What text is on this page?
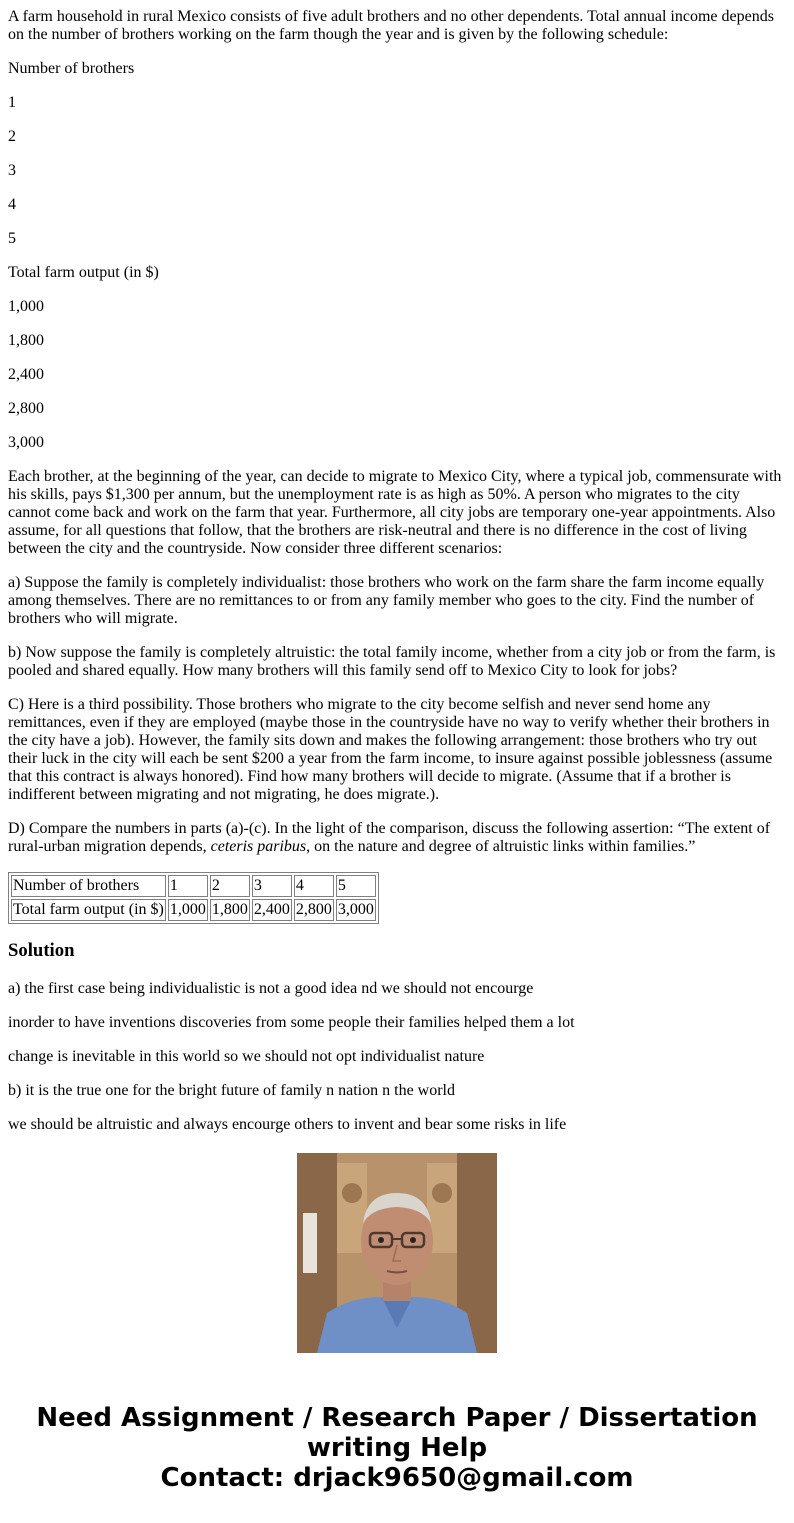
A farm household in rural Mexico consists of five adult brothers and no other dependents. Total annual income depends on the number of brothers working on the farm though the year and is given by the following schedule:

Number of brothers

1

2

3

4

5

Total farm output (in $)

1,000

1,800

2,400

2,800

3,000

Each brother, at the beginning of the year, can decide to migrate to Mexico City, where a typical job, commensurate with his skills, pays $1,300 per annum, but the unemployment rate is as high as 50%. A person who migrates to the city cannot come back and work on the farm that year. Furthermore, all city jobs are temporary one-year appointments. Also assume, for all questions that follow, that the brothers are risk-neutral and there is no difference in the cost of living between the city and the countryside. Now consider three different scenarios:

a) Suppose the family is completely individualist: those brothers who work on the farm share the farm income equally among themselves. There are no remittances to or from any family member who goes to the city. Find the number of brothers who will migrate.

b) Now suppose the family is completely altruistic: the total family income, whether from a city job or from the farm, is pooled and shared equally. How many brothers will this family send off to Mexico City to look for jobs?

C) Here is a third possibility. Those brothers who migrate to the city become selfish and never send home any remittances, even if they are employed (maybe those in the countryside have no way to verify whether their brothers in the city have a job). However, the family sits down and makes the following arrangement: those brothers who try out their luck in the city will each be sent $200 a year from the farm income, to insure against possible joblessness (assume that this contract is always honored). Find how many brothers will decide to migrate. (Assume that if a brother is indifferent between migrating and not migrating, he does migrate.).

D) Compare the numbers in parts (a)-(c). In the light of the comparison, discuss the following assertion: “The extent of rural-urban migration depends, ceteris paribus, on the nature and degree of altruistic links within families.”

Number of brothers	1	2	3	4	5
Total farm output (in $)	1,000	1,800	2,400	2,800	3,000
Solution

a) the first case being individualistic is not a good idea nd we should not encourge

inorder to have inventions discoveries from some people their families helped them a lot

change is inevitable in this world so we should not opt individualist nature

b) it is the true one for the bright future of family n nation n the world

we should be altruistic and always encourge others to invent and bear some risks in life

Need Assignment / Research Paper / Dissertation
writing Help
Contact: drjack9650@gmail.com
